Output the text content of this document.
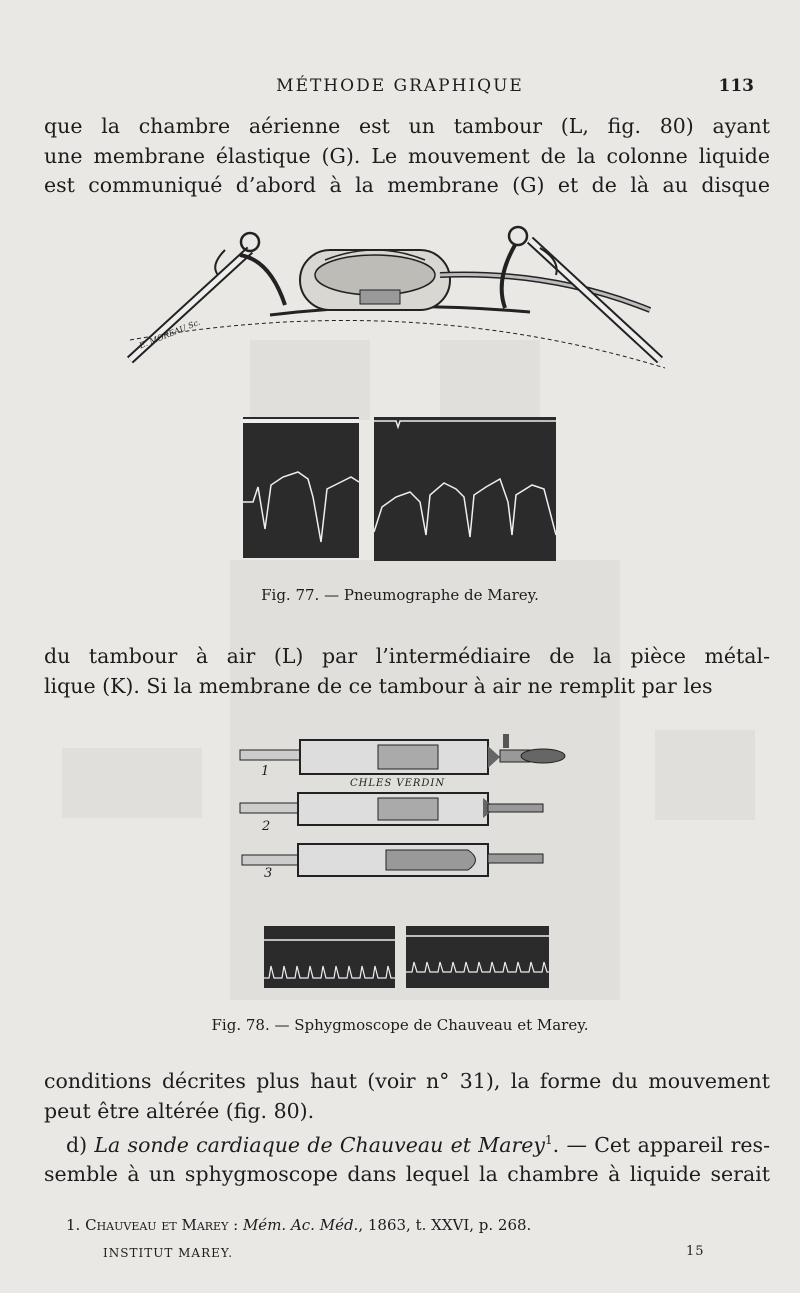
MÉTHODE GRAPHIQUE	113
que la chambre aérienne est un tambour (L, fig. 80) ayant
une membrane élastique (G). Le mouvement de la colonne liquide
est communiqué d’abord à la membrane (G) et de là au disque
E. MOREAU Sc.
Fig. 77. — Pneumographe de Marey.
du tambour à air (L) par l’intermédiaire de la pièce métal-
lique (K). Si la membrane de ce tambour à air ne remplit par les
1
CHLES VERDIN
2
3
Fig. 78. — Sphygmoscope de Chauveau et Marey.
conditions décrites plus haut (voir n° 31), la forme du mouvement
peut être altérée (fig. 80).
d) La sonde cardiaque de Chauveau et Marey$^1$. — Cet appareil res-
semble à un sphygmoscope dans lequel la chambre à liquide serait
1. Chauveau et Marey : Mém. Ac. Méd., 1863, t. XXVI, p. 268.
INSTITUT MAREY.	15
